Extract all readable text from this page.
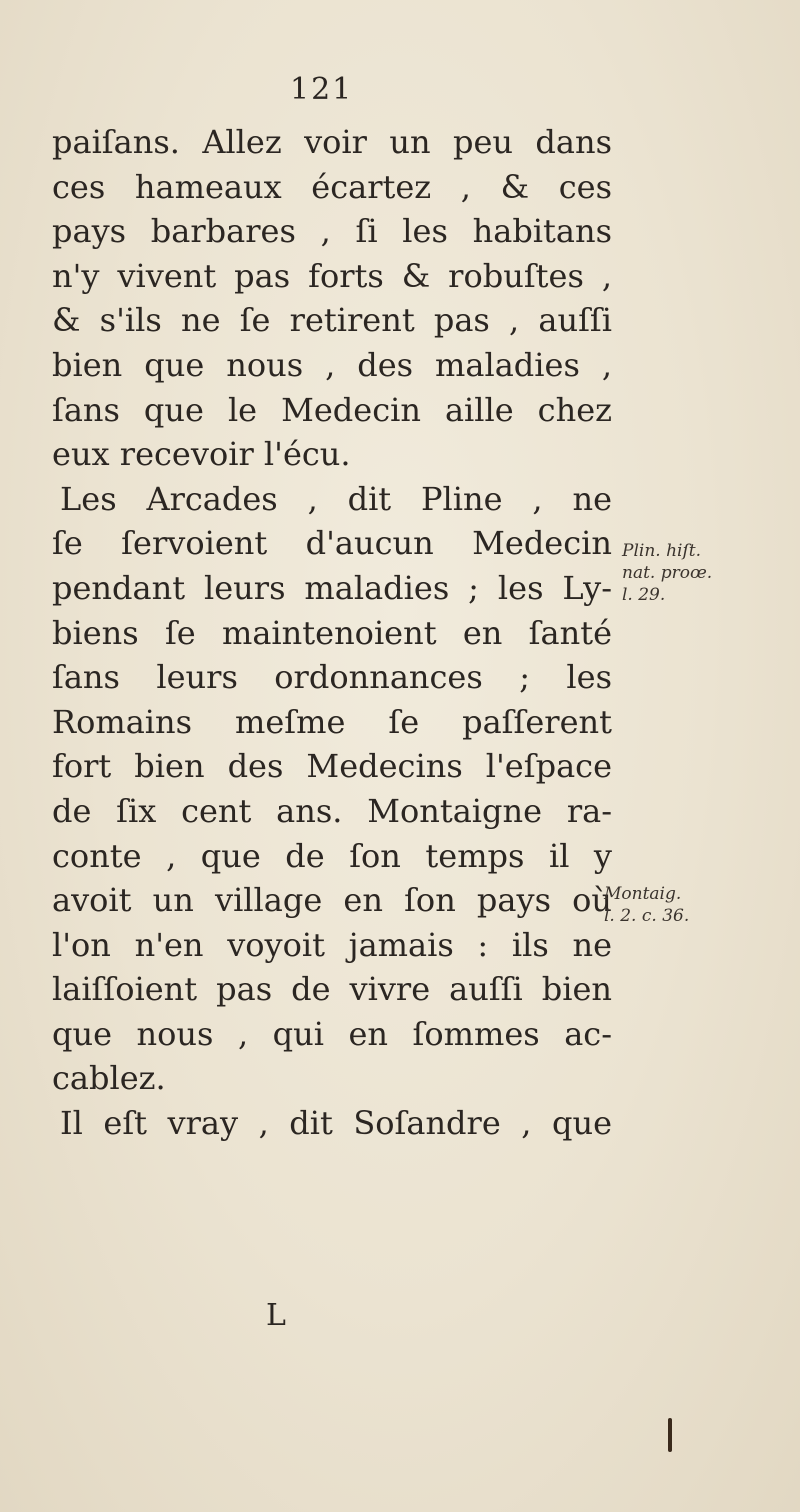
121
paiſans. Allez voir un peu dans
ces hameaux écartez , & ces
pays barbares , ſi les habitans
n'y vivent pas forts & robuſtes ,
& s'ils ne ſe retirent pas , auſſi
bien que nous , des maladies ,
ſans que le Medecin aille chez
eux recevoir l'écu.
Les Arcades , dit Pline , ne
ſe ſervoient d'aucun Medecin
pendant leurs maladies ; les Ly-
biens ſe maintenoient en ſanté
ſans leurs ordonnances ; les
Romains meſme ſe paſſerent
fort bien des Medecins l'eſpace
de ſix cent ans. Montaigne ra-
conte , que de ſon temps il y
avoit un village en ſon pays où
l'on n'en voyoit jamais : ils ne
laiſſoient pas de vivre auſſi bien
que nous , qui en ſommes ac-
cablez.
Il eſt vray , dit Soſandre , que
Plin. hiſt.
nat. proœ.
l. 29.
Montaig.
l. 2. c. 36.
L
